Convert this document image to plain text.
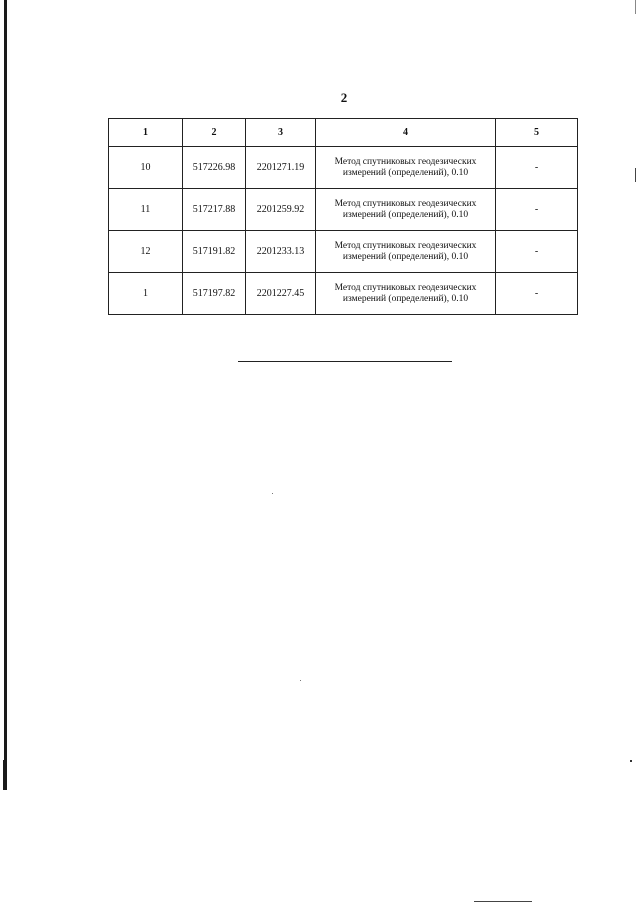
2
1	2	3	4	5
10	517226.98	2201271.19	Метод спутниковых геодезических измерений (определений), 0.10	-
11	517217.88	2201259.92	Метод спутниковых геодезических измерений (определений), 0.10	-
12	517191.82	2201233.13	Метод спутниковых геодезических измерений (определений), 0.10	-
1	517197.82	2201227.45	Метод спутниковых геодезических измерений (определений), 0.10	-
